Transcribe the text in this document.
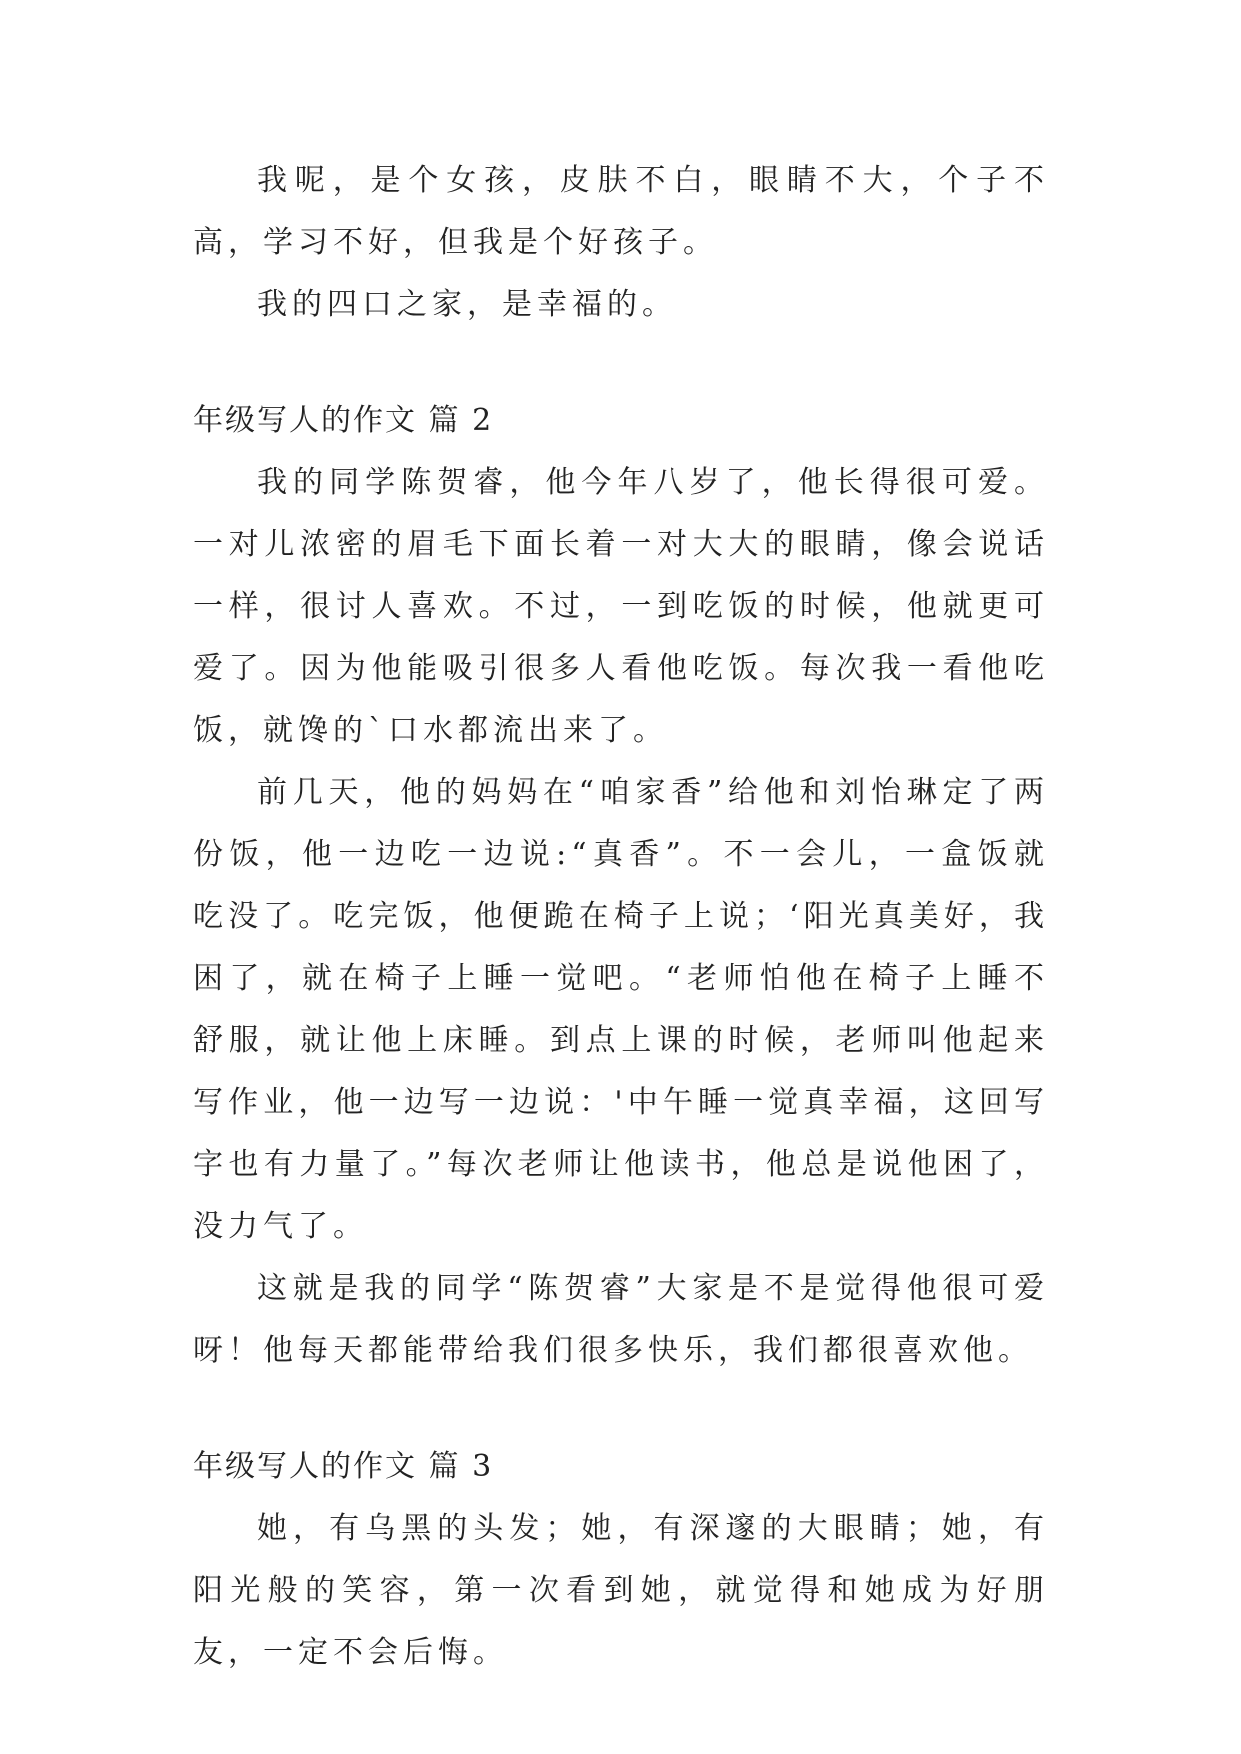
我呢，是个女孩，皮肤不白，眼睛不大，个子不高，学习不好，但我是个好孩子。

我的四口之家，是幸福的。

年级写人的作文 篇 2

我的同学陈贺睿，他今年八岁了，他长得很可爱。一对儿浓密的眉毛下面长着一对大大的眼睛，像会说话一样，很讨人喜欢。不过，一到吃饭的时候，他就更可爱了。因为他能吸引很多人看他吃饭。每次我一看他吃饭，就馋的`口水都流出来了。

前几天，他的妈妈在“咱家香”给他和刘怡琳定了两份饭，他一边吃一边说:“真香”。不一会儿，一盒饭就吃没了。吃完饭，他便跪在椅子上说；‘阳光真美好，我困了，就在椅子上睡一觉吧。“老师怕他在椅子上睡不舒服，就让他上床睡。到点上课的时候，老师叫他起来写作业，他一边写一边说：'中午睡一觉真幸福，这回写字也有力量了。”每次老师让他读书，他总是说他困了，没力气了。

这就是我的同学“陈贺睿”大家是不是觉得他很可爱呀！他每天都能带给我们很多快乐，我们都很喜欢他。

年级写人的作文 篇 3

她，有乌黑的头发；她，有深邃的大眼睛；她，有阳光般的笑容，第一次看到她，就觉得和她成为好朋友，一定不会后悔。
